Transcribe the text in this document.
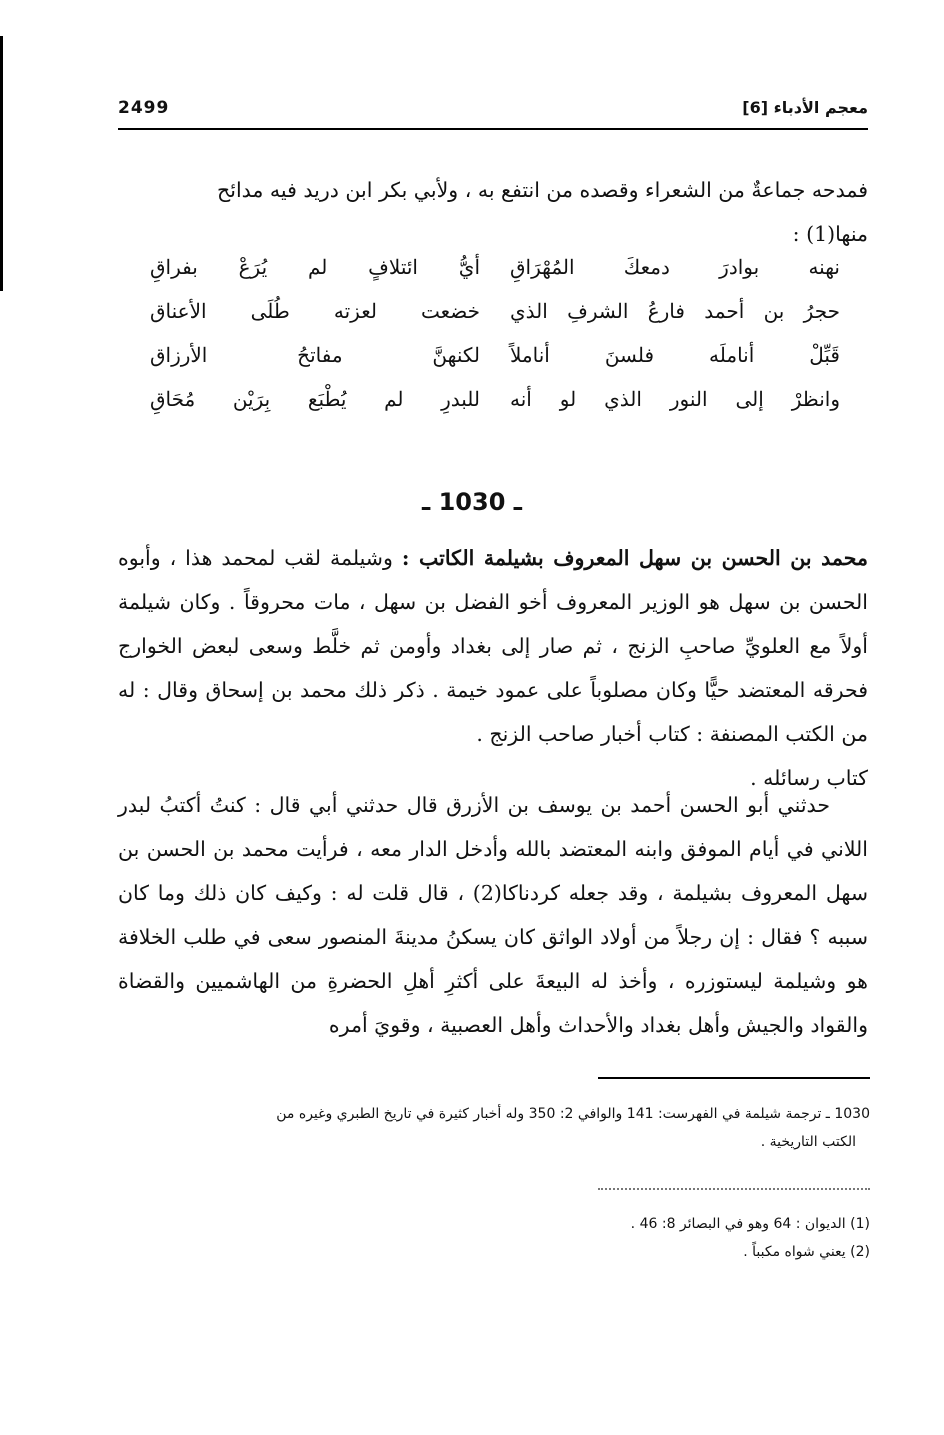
2499	معجم الأدباء [6]
فمدحه جماعةٌ من الشعراء وقصده من انتفع به ، ولأبي بكر ابن دريد فيه مدائح
منها(1) :
نهنه بوادرَ دمعكَ المُهْرَاقِ
أيُّ ائتلافٍ لم يُرَعْ بفراقِ
حجرُ بن أحمد فارعُ الشرفِ الذي
خضعت لعزته طُلَى الأعناق
قَبِّلْ أناملَه فلسنَ أناملاً
لكنهنَّ مفاتحُ الأرزاق
وانظرْ إلى النور الذي لو أنه
للبدرِ لم يُطْبَع بِرَيْن مُحَاقِ
ـ 1030 ـ
محمد بن الحسن بن سهل المعروف بشيلمة الكاتب : وشيلمة لقب لمحمد هذا ، وأبوه الحسن بن سهل هو الوزير المعروف أخو الفضل بن سهل ، مات محروقاً . وكان شيلمة أولاً مع العلويِّ صاحبِ الزنج ، ثم صار إلى بغداد وأومن ثم خلَّط وسعى لبعض الخوارج فحرقه المعتضد حيًّا وكان مصلوباً على عمود خيمة . ذكر ذلك محمد بن إسحاق وقال : له من الكتب المصنفة : كتاب أخبار صاحب الزنج .
كتاب رسائله .
حدثني أبو الحسن أحمد بن يوسف بن الأزرق قال حدثني أبي قال : كنتُ أكتبُ لبدر اللاني في أيام الموفق وابنه المعتضد بالله وأدخل الدار معه ، فرأيت محمد بن الحسن بن سهل المعروف بشيلمة ، وقد جعله كردناكا(2) ، قال قلت له : وكيف كان ذلك وما كان سببه ؟ فقال : إن رجلاً من أولاد الواثق كان يسكنُ مدينةَ المنصور سعى في طلب الخلافة هو وشيلمة ليستوزره ، وأخذ له البيعةَ على أكثرِ أهلِ الحضرةِ من الهاشميين والقضاة والقواد والجيش وأهل بغداد والأحداث وأهل العصبية ، وقويَ أمره
1030 ـ ترجمة شيلمة في الفهرست: 141 والوافي 2: 350 وله أخبار كثيرة في تاريخ الطبري وغيره من
الكتب التاريخية .
(1) الديوان : 64 وهو في البصائر 8: 46 .
(2) يعني شواه مكبباً .
